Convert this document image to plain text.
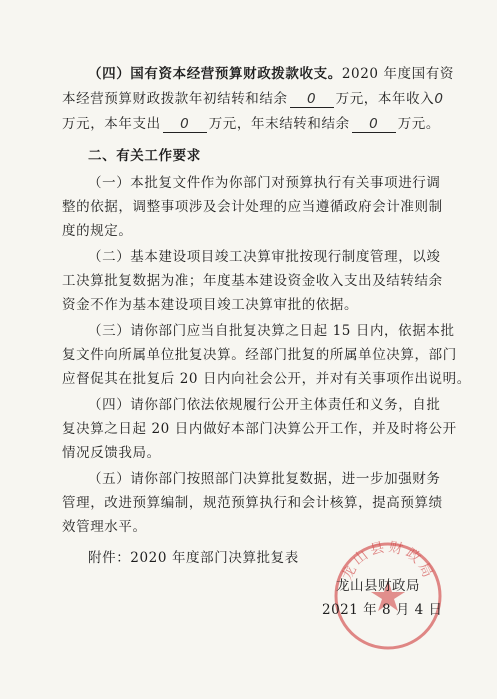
（四）国有资本经营预算财政拨款收支。2020 年度国有资
本经营预算财政拨款年初结转和结余 0 万元，本年收入0
万元，本年支出 0 万元，年末结转和结余 0 万元。
二、有关工作要求
（一）本批复文件作为你部门对预算执行有关事项进行调
整的依据，调整事项涉及会计处理的应当遵循政府会计准则制
度的规定。
（二）基本建设项目竣工决算审批按现行制度管理，以竣
工决算批复数据为准；年度基本建设资金收入支出及结转结余
资金不作为基本建设项目竣工决算审批的依据。
（三）请你部门应当自批复决算之日起 15 日内，依据本批
复文件向所属单位批复决算。经部门批复的所属单位决算，部门
应督促其在批复后 20 日内向社会公开，并对有关事项作出说明。
（四）请你部门依法依规履行公开主体责任和义务，自批
复决算之日起 20 日内做好本部门决算公开工作，并及时将公开
情况反馈我局。
（五）请你部门按照部门决算批复数据，进一步加强财务
管理，改进预算编制，规范预算执行和会计核算，提高预算绩
效管理水平。
附件：2020 年度部门决算批复表
龙山县财政局
龙山县财政局
2021 年 8 月 4 日
